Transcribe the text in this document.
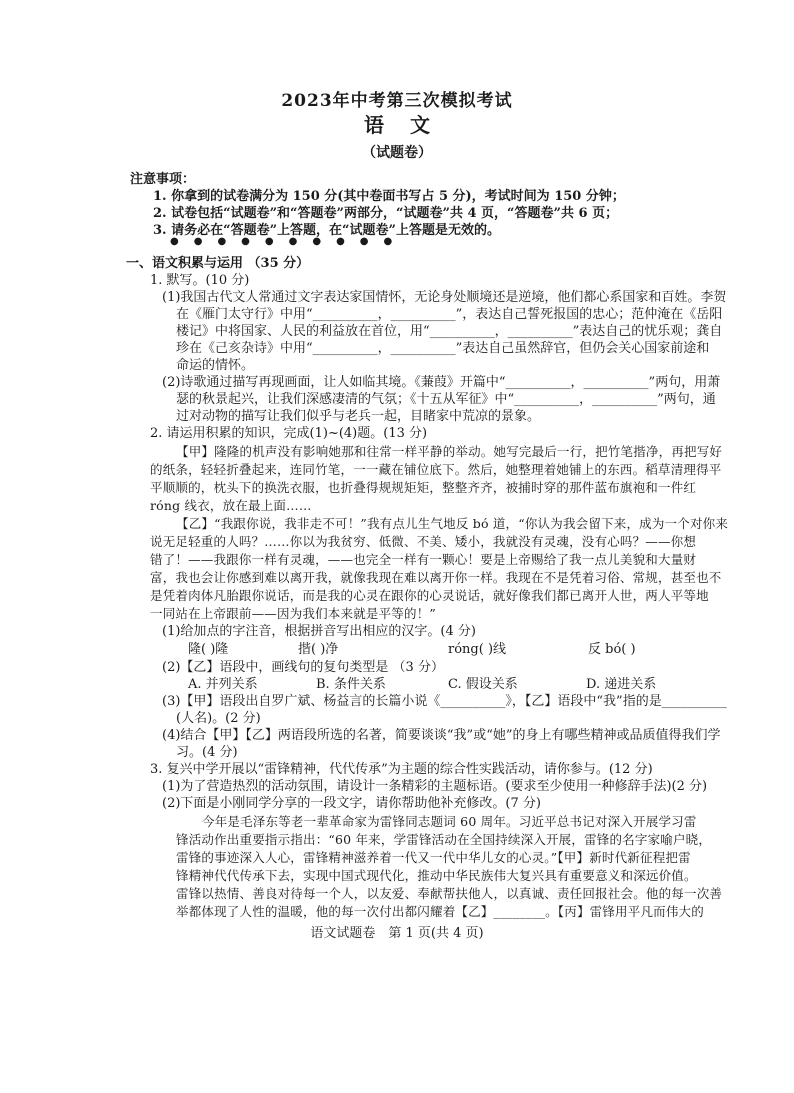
2023年中考第三次模拟考试
语文
（试题卷）
注意事项：
1. 你拿到的试卷满分为 150 分(其中卷面书写占 5 分)，考试时间为 150 分钟；
2. 试卷包括“试题卷”和“答题卷”两部分，“试题卷”共 4 页，“答题卷”共 6 页；
3. 请务必在“答题卷”上答题，在“试题卷”上答题是无效的。
●●●●●●●●●●
一、语文积累与运用 （35 分）
1. 默写。(10 分)
(1)我国古代文人常通过文字表达家国情怀，无论身处顺境还是逆境，他们都心系国家和百姓。李贺
在《雁门太守行》中用“__________，__________”，表达自己誓死报国的忠心；范仲淹在《岳阳
楼记》中将国家、人民的利益放在首位，用“__________，__________”表达自己的忧乐观；龚自
珍在《己亥杂诗》中用“__________，__________”表达自己虽然辞官，但仍会关心国家前途和
命运的情怀。
(2)诗歌通过描写再现画面，让人如临其境。《蒹葭》开篇中“__________，__________”两句，用萧
瑟的秋景起兴，让我们深感凄清的气氛；《十五从军征》中“__________，__________”两句，通
过对动物的描写让我们似乎与老兵一起，目睹家中荒凉的景象。
2. 请运用积累的知识，完成(1)~(4)题。(13 分)
【甲】隆隆的机声没有影响她那和往常一样平静的举动。她写完最后一行，把竹笔揩净，再把写好
的纸条，轻轻折叠起来，连同竹笔，一一藏在铺位底下。然后，她整理着她铺上的东西。稻草清理得平
平顺顺的，枕头下的换洗衣服，也折叠得规规矩矩，整整齐齐，被捕时穿的那件蓝布旗袍和一件红
róng 线衣，放在最上面……
【乙】“我跟你说，我非走不可！”我有点儿生气地反 bó 道，“你认为我会留下来，成为一个对你来
说无足轻重的人吗？……你以为我贫穷、低微、不美、矮小，我就没有灵魂，没有心吗？——你想
错了！——我跟你一样有灵魂，——也完全一样有一颗心！要是上帝赐给了我一点儿美貌和大量财
富，我也会让你感到难以离开我，就像我现在难以离开你一样。我现在不是凭着习俗、常规，甚至也不
是凭着肉体凡胎跟你说话，而是我的心灵在跟你的心灵说话，就好像我们都已离开人世，两人平等地
一同站在上帝跟前——因为我们本来就是平等的！”
(1)给加点的字注音，根据拼音写出相应的汉字。(4 分)
隆( )隆	揩( )净	róng( )线	反 bó( )
(2)【乙】语段中，画线句的复句类型是 （3 分）
A. 并列关系	B. 条件关系	C. 假设关系	D. 递进关系
(3)【甲】语段出自罗广斌、杨益言的长篇小说《__________》，【乙】语段中“我”指的是__________
(人名)。(2 分)
(4)结合【甲】【乙】两语段所选的名著，简要谈谈“我”或“她”的身上有哪些精神或品质值得我们学
习。(4 分)
3. 复兴中学开展以“雷锋精神，代代传承”为主题的综合性实践活动，请你参与。(12 分)
(1)为了营造热烈的活动氛围，请设计一条精彩的主题标语。(要求至少使用一种修辞手法)(2 分)
(2)下面是小刚同学分享的一段文字，请你帮助他补充修改。(7 分)
今年是毛泽东等老一辈革命家为雷锋同志题词 60 周年。习近平总书记对深入开展学习雷
锋活动作出重要指示指出：“60 年来，学雷锋活动在全国持续深入开展，雷锋的名字家喻户晓，
雷锋的事迹深入人心，雷锋精神滋养着一代又一代中华儿女的心灵。”【甲】新时代新征程把雷
锋精神代代传承下去，实现中国式现代化，推动中华民族伟大复兴具有重要意义和深远价值。
雷锋以热情、善良对待每一个人，以友爱、奉献帮扶他人，以真诚、责任回报社会。他的每一次善
举都体现了人性的温暖，他的每一次付出都闪耀着【乙】________。【丙】雷锋用平凡而伟大的
语文试题卷　第 1 页(共 4 页)
